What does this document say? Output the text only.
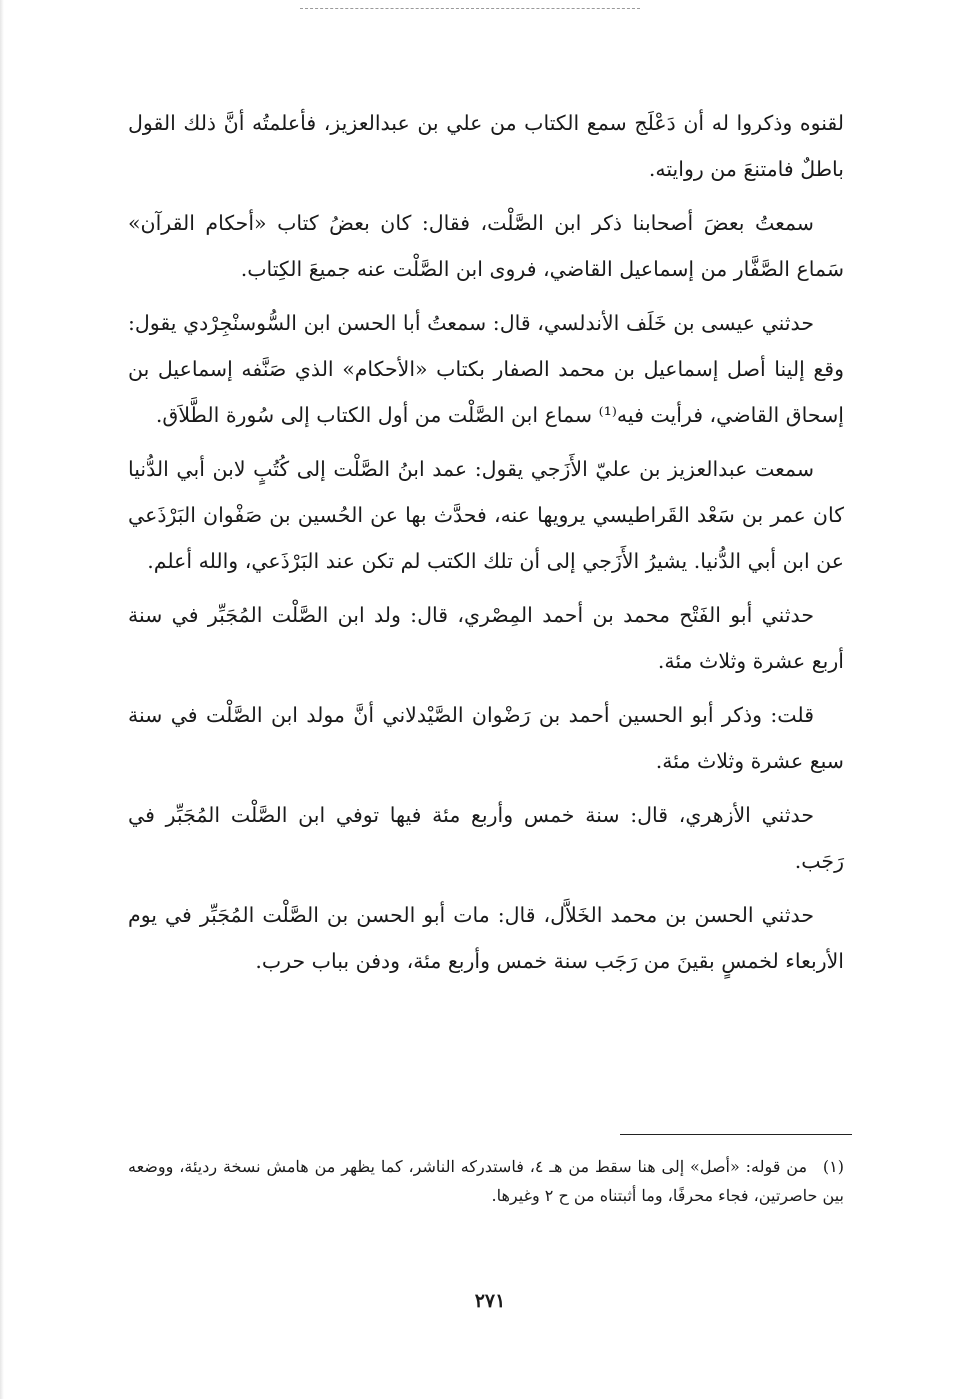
لقنوه وذكروا له أن دَعْلَج سمع الكتاب من علي بن عبدالعزيز، فأعلمتُه أنَّ ذلك القول باطلٌ فامتنعَ من روايته.

سمعتُ بعضَ أصحابنا ذكر ابن الصَّلْت، فقال: كان بعضُ كتاب «أحكام القرآن» سَماع الصَّفَّار من إسماعيل القاضي، فروى ابن الصَّلْت عنه جميعَ الكِتاب.

حدثني عيسى بن خَلَف الأندلسي، قال: سمعتُ أبا الحسن ابن السُّوسنْجِرْدي يقول: وقع إلينا أصل إسماعيل بن محمد الصفار بكتاب «الأحكام» الذي صَنَّفه إسماعيل بن إسحاق القاضي، فرأيت فيه⁽¹⁾ سماع ابن الصَّلْت من أول الكتاب إلى سُورة الطَّلاَق.

سمعت عبدالعزيز بن عليّ الأَزَجي يقول: عمد ابنُ الصَّلْت إلى كُتُبٍ لابن أبي الدُّنيا كان عمر بن سَعْد القَراطيسي يرويها عنه، فحدَّث بها عن الحُسين بن صَفْوان البَرْذَعي عن ابن أبي الدُّنيا. يشيرُ الأَزَجي إلى أن تلك الكتب لم تكن عند البَرْذَعي، والله أعلم.

حدثني أبو الفَتْح محمد بن أحمد المِصْري، قال: ولد ابن الصَّلْت المُجَبِّر في سنة أربع عشرة وثلاث مئة.

قلت: وذكر أبو الحسين أحمد بن رَضْوان الصَّيْدلاني أنَّ مولد ابن الصَّلْت في سنة سبع عشرة وثلاث مئة.

حدثني الأزهري، قال: سنة خمس وأربع مئة فيها توفي ابن الصَّلْت المُجَبِّر في رَجَب.

حدثني الحسن بن محمد الخَلاَّل، قال: مات أبو الحسن بن الصَّلْت المُجَبِّر في يوم الأربعاء لخمسٍ بقينَ من رَجَب سنة خمس وأربع مئة، ودفن بباب حرب.

(١) من قوله: «أصل» إلى هنا سقط من هـ ٤، فاستدركه الناشر، كما يظهر من هامش نسخة رديئة، ووضعه بين حاصرتين، فجاء محرفًا، وما أثبتناه من ح ٢ وغيرها.
٢٧١
